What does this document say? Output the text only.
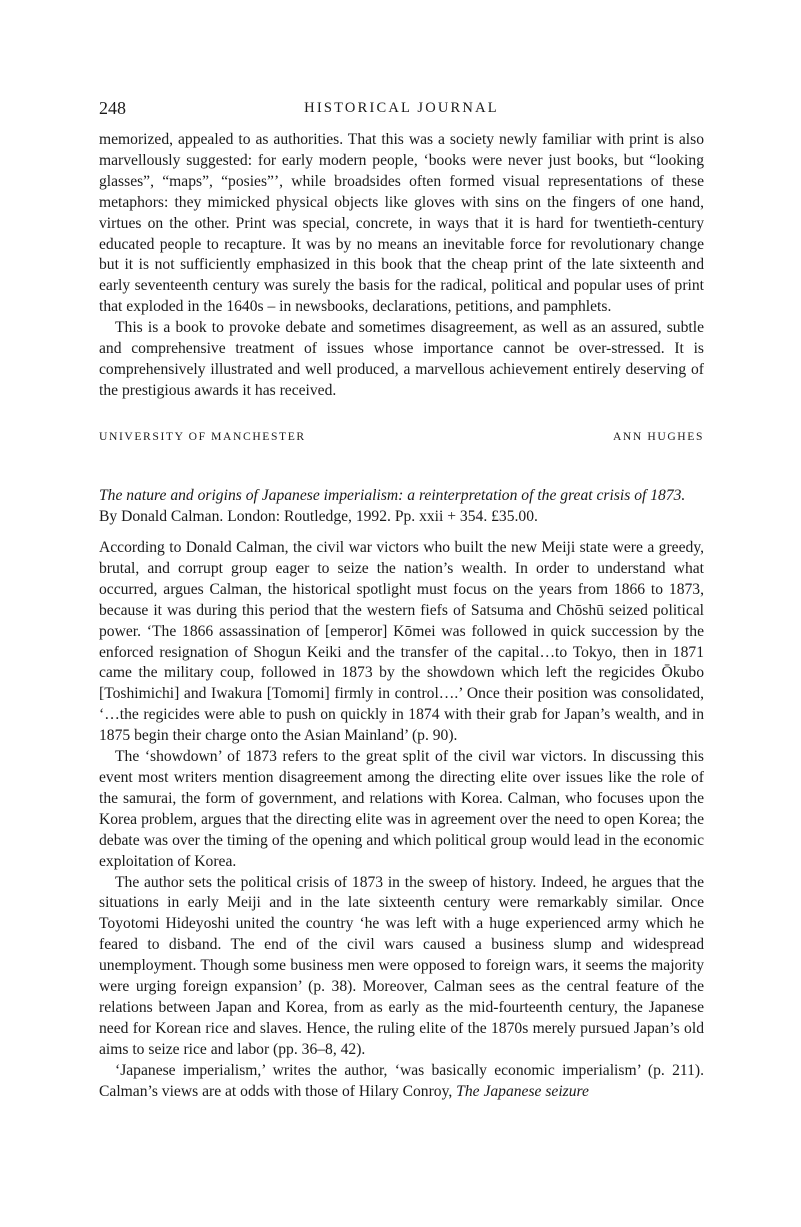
248	HISTORICAL JOURNAL

memorized, appealed to as authorities. That this was a society newly familiar with print is also marvellously suggested: for early modern people, ‘books were never just books, but “looking glasses”, “maps”, “posies”’, while broadsides often formed visual representations of these metaphors: they mimicked physical objects like gloves with sins on the fingers of one hand, virtues on the other. Print was special, concrete, in ways that it is hard for twentieth-century educated people to recapture. It was by no means an inevitable force for revolutionary change but it is not sufficiently emphasized in this book that the cheap print of the late sixteenth and early seventeenth century was surely the basis for the radical, political and popular uses of print that exploded in the 1640s – in newsbooks, declarations, petitions, and pamphlets.

This is a book to provoke debate and sometimes disagreement, as well as an assured, subtle and comprehensive treatment of issues whose importance cannot be over-stressed. It is comprehensively illustrated and well produced, a marvellous achievement entirely deserving of the prestigious awards it has received.

UNIVERSITY OF MANCHESTER	ANN HUGHES
The nature and origins of Japanese imperialism: a reinterpretation of the great crisis of 1873. By Donald Calman. London: Routledge, 1992. Pp. xxii + 354. £35.00.

According to Donald Calman, the civil war victors who built the new Meiji state were a greedy, brutal, and corrupt group eager to seize the nation’s wealth. In order to understand what occurred, argues Calman, the historical spotlight must focus on the years from 1866 to 1873, because it was during this period that the western fiefs of Satsuma and Chōshū seized political power. ‘The 1866 assassination of [emperor] Kōmei was followed in quick succession by the enforced resignation of Shogun Keiki and the transfer of the capital…to Tokyo, then in 1871 came the military coup, followed in 1873 by the showdown which left the regicides Ōkubo [Toshimichi] and Iwakura [Tomomi] firmly in control….’ Once their position was consolidated, ‘…the regicides were able to push on quickly in 1874 with their grab for Japan’s wealth, and in 1875 begin their charge onto the Asian Mainland’ (p. 90).

The ‘showdown’ of 1873 refers to the great split of the civil war victors. In discussing this event most writers mention disagreement among the directing elite over issues like the role of the samurai, the form of government, and relations with Korea. Calman, who focuses upon the Korea problem, argues that the directing elite was in agreement over the need to open Korea; the debate was over the timing of the opening and which political group would lead in the economic exploitation of Korea.

The author sets the political crisis of 1873 in the sweep of history. Indeed, he argues that the situations in early Meiji and in the late sixteenth century were remarkably similar. Once Toyotomi Hideyoshi united the country ‘he was left with a huge experienced army which he feared to disband. The end of the civil wars caused a business slump and widespread unemployment. Though some business men were opposed to foreign wars, it seems the majority were urging foreign expansion’ (p. 38). Moreover, Calman sees as the central feature of the relations between Japan and Korea, from as early as the mid-fourteenth century, the Japanese need for Korean rice and slaves. Hence, the ruling elite of the 1870s merely pursued Japan’s old aims to seize rice and labor (pp. 36–8, 42).

‘Japanese imperialism,’ writes the author, ‘was basically economic imperialism’ (p. 211). Calman’s views are at odds with those of Hilary Conroy, The Japanese seizure
